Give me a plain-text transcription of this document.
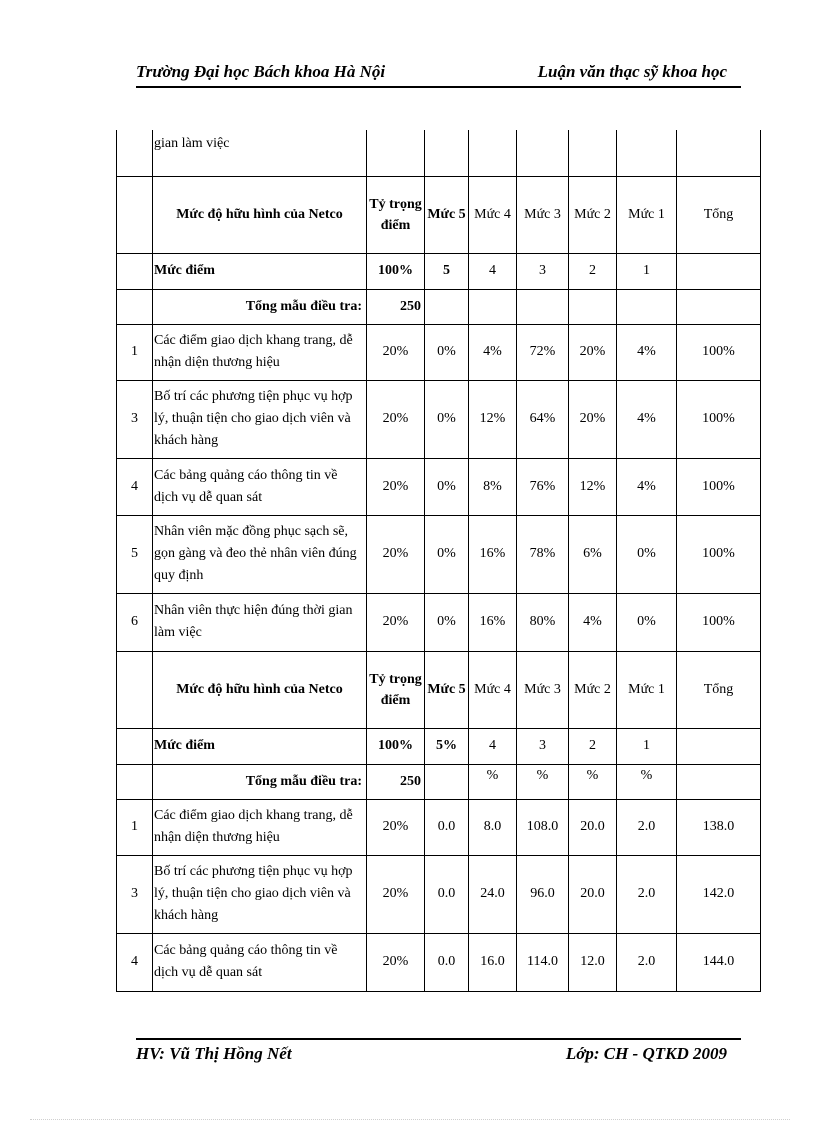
Trường Đại học Bách khoa Hà Nội	Luận văn thạc sỹ khoa học
	gian làm việc							
	Mức độ hữu hình của Netco	Tỷ trọng điểm	Mức 5	Mức 4	Mức 3	Mức 2	Mức 1	Tổng
	Mức điểm	100%	5	4	3	2	1	
	Tổng mẫu điều tra:	250						
1	Các điểm giao dịch khang trang, dễ nhận diện thương hiệu	20%	0%	4%	72%	20%	4%	100%
3	Bố trí các phương tiện phục vụ hợp lý, thuận tiện cho giao dịch viên và khách hàng	20%	0%	12%	64%	20%	4%	100%
4	Các bảng quảng cáo thông tin về dịch vụ dễ quan sát	20%	0%	8%	76%	12%	4%	100%
5	Nhân viên mặc đồng phục sạch sẽ, gọn gàng và đeo thẻ nhân viên đúng quy định	20%	0%	16%	78%	6%	0%	100%
6	Nhân viên thực hiện đúng thời gian làm việc	20%	0%	16%	80%	4%	0%	100%
	Mức độ hữu hình của Netco	Tỷ trọng điểm	Mức 5	Mức 4	Mức 3	Mức 2	Mức 1	Tổng
	Mức điểm	100%	5%	4	3	2	1	
	Tổng mẫu điều tra:	250		%	%	%	%	
1	Các điểm giao dịch khang trang, dễ nhận diện thương hiệu	20%	0.0	8.0	108.0	20.0	2.0	138.0
3	Bố trí các phương tiện phục vụ hợp lý, thuận tiện cho giao dịch viên và khách hàng	20%	0.0	24.0	96.0	20.0	2.0	142.0
4	Các bảng quảng cáo thông tin về dịch vụ dễ quan sát	20%	0.0	16.0	114.0	12.0	2.0	144.0
HV: Vũ Thị Hồng Nết	Lớp: CH - QTKD 2009
